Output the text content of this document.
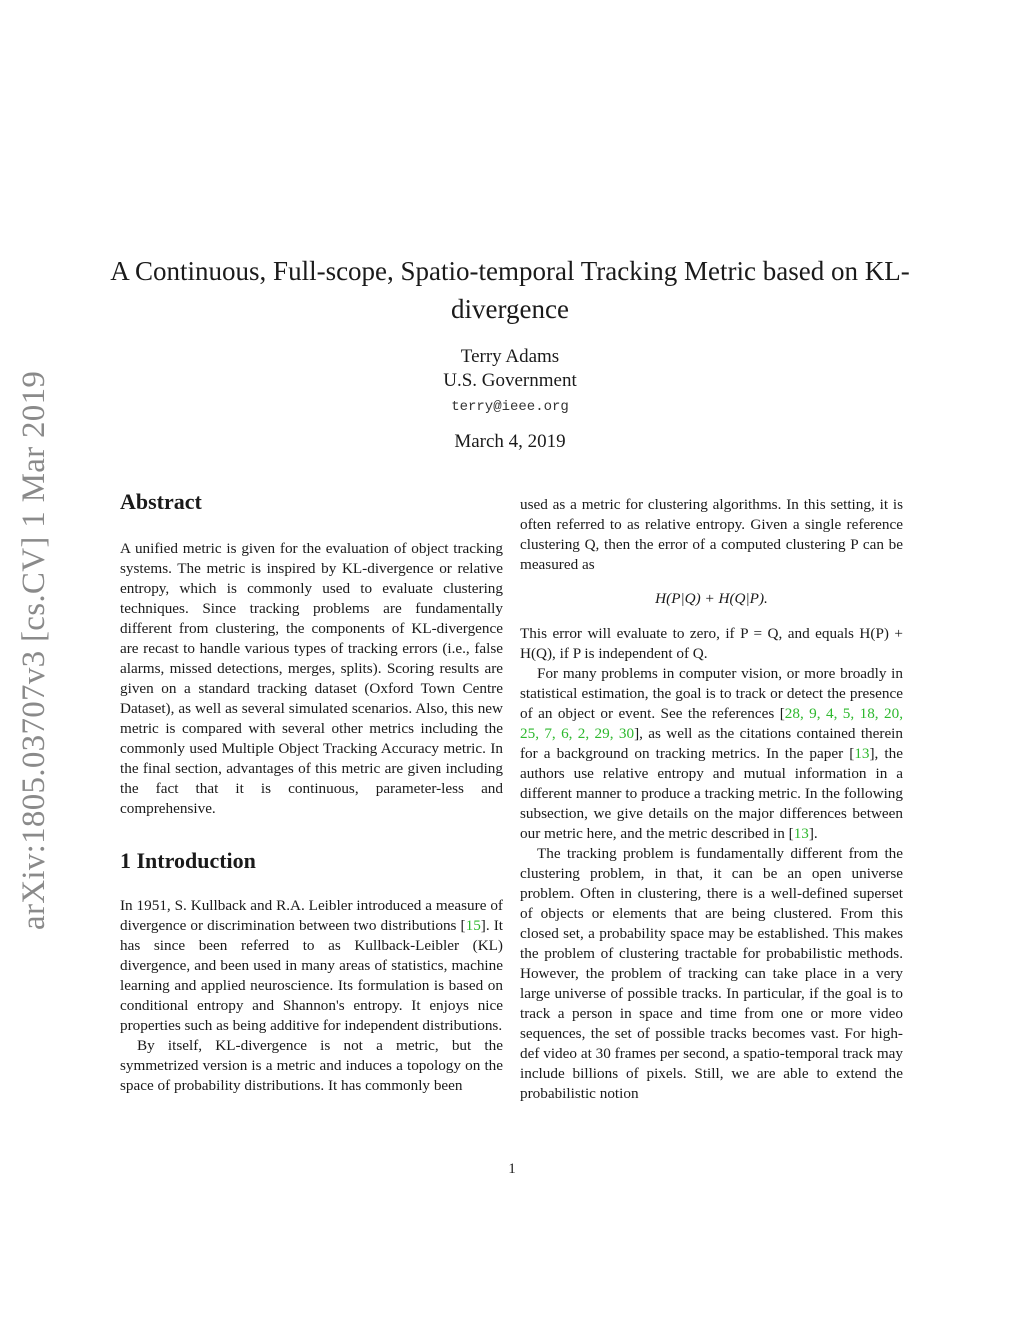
arXiv:1805.03707v3 [cs.CV] 1 Mar 2019
A Continuous, Full-scope, Spatio-temporal Tracking Metric based on KL-divergence
Terry Adams
U.S. Government
terry@ieee.org
March 4, 2019
Abstract

A unified metric is given for the evaluation of object tracking systems. The metric is inspired by KL-divergence or relative entropy, which is commonly used to evaluate clustering techniques. Since tracking problems are fundamentally different from clustering, the components of KL-divergence are recast to handle various types of tracking errors (i.e., false alarms, missed detections, merges, splits). Scoring results are given on a standard tracking dataset (Oxford Town Centre Dataset), as well as several simulated scenarios. Also, this new metric is compared with several other metrics including the commonly used Multiple Object Tracking Accuracy metric. In the final section, advantages of this metric are given including the fact that it is continuous, parameter-less and comprehensive.

1 Introduction

In 1951, S. Kullback and R.A. Leibler introduced a measure of divergence or discrimination between two distributions [15]. It has since been referred to as Kullback-Leibler (KL) divergence, and been used in many areas of statistics, machine learning and applied neuroscience. Its formulation is based on conditional entropy and Shannon's entropy. It enjoys nice properties such as being additive for independent distributions.

By itself, KL-divergence is not a metric, but the symmetrized version is a metric and induces a topology on the space of probability distributions. It has commonly been

used as a metric for clustering algorithms. In this setting, it is often referred to as relative entropy. Given a single reference clustering Q, then the error of a computed clustering P can be measured as

H(P|Q) + H(Q|P).

This error will evaluate to zero, if P = Q, and equals H(P) + H(Q), if P is independent of Q.

For many problems in computer vision, or more broadly in statistical estimation, the goal is to track or detect the presence of an object or event. See the references [28, 9, 4, 5, 18, 20, 25, 7, 6, 2, 29, 30], as well as the citations contained therein for a background on tracking metrics. In the paper [13], the authors use relative entropy and mutual information in a different manner to produce a tracking metric. In the following subsection, we give details on the major differences between our metric here, and the metric described in [13].

The tracking problem is fundamentally different from the clustering problem, in that, it can be an open universe problem. Often in clustering, there is a well-defined superset of objects or elements that are being clustered. From this closed set, a probability space may be established. This makes the problem of clustering tractable for probabilistic methods. However, the problem of tracking can take place in a very large universe of possible tracks. In particular, if the goal is to track a person in space and time from one or more video sequences, the set of possible tracks becomes vast. For high-def video at 30 frames per second, a spatio-temporal track may include billions of pixels. Still, we are able to extend the probabilistic notion

1
